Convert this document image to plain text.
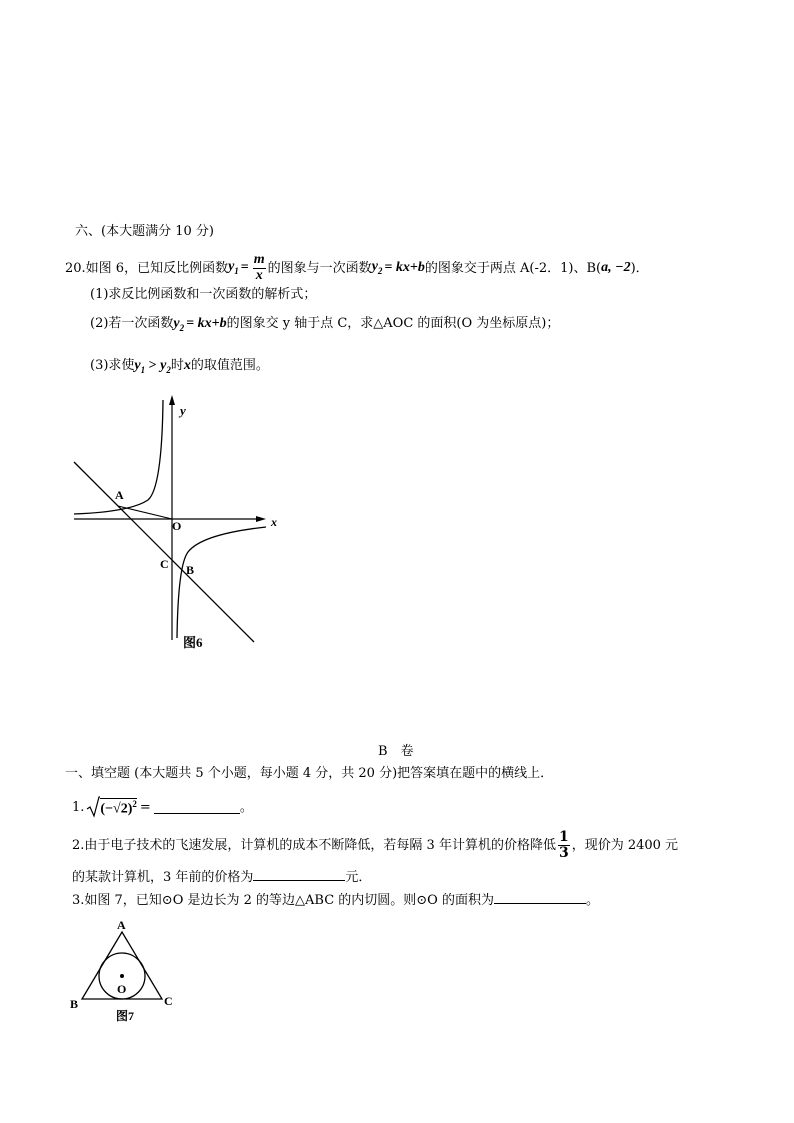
六、(本大题满分 10 分)
20.如图 6，已知反比例函数 $y_1 = \frac{m}{x}$ 的图象与一次函数 $y_2 = kx+b$ 的图象交于两点 A(-2．1)、B( a, −2 )．
(1)求反比例函数和一次函数的解析式；
(2)若一次函数 $y_2 = kx+b$ 的图象交 y 轴于点 C，求△AOC 的面积(O 为坐标原点)；
(3)求使 $y_1 > y_2$ 时 x 的取值范围。
y
x
O
A
C B
图6
B　卷
一、填空题 (本大题共 5 个小题，每小题 4 分，共 20 分)把答案填在题中的横线上．
1. $(-√2)^2$ =	。
2.由于电子技术的飞速发展，计算机的成本不断降低，若每隔 3 年计算机的价格降低 $\frac{1}{3}$ ，现价为 2400 元
的某款计算机，3 年前的价格为	元．
3.如图 7，已知⊙O 是边长为 2 的等边△ABC 的内切圆。则⊙O 的面积为	。
A
B	C
O
图7
